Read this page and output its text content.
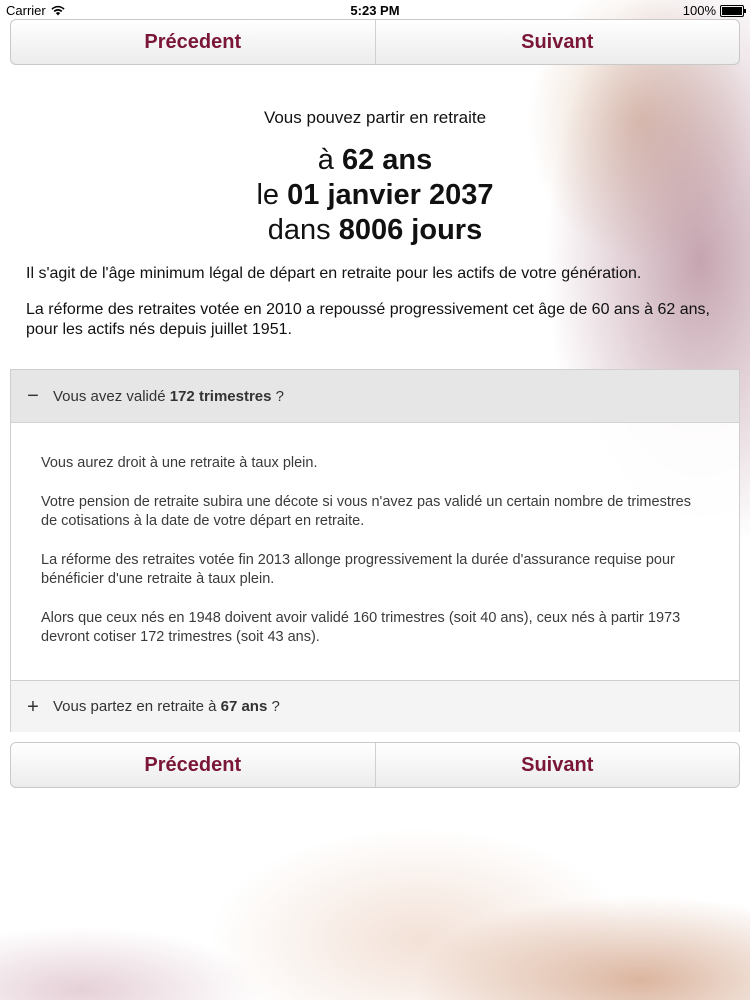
Carrier	5:23 PM	100%
Précedent	Suivant
Vous pouvez partir en retraite
à 62 ans
le 01 janvier 2037
dans 8006 jours
Il s'agit de l'âge minimum légal de départ en retraite pour les actifs de votre génération.
La réforme des retraites votée en 2010 a repoussé progressivement cet âge de 60 ans à 62 ans, pour les actifs nés depuis juillet 1951.
− Vous avez validé 172 trimestres ?

Vous aurez droit à une retraite à taux plein.

Votre pension de retraite subira une décote si vous n'avez pas validé un certain nombre de trimestres de cotisations à la date de votre départ en retraite.

La réforme des retraites votée fin 2013 allonge progressivement la durée d'assurance requise pour bénéficier d'une retraite à taux plein.

Alors que ceux nés en 1948 doivent avoir validé 160 trimestres (soit 40 ans), ceux nés à partir 1973 devront cotiser 172 trimestres (soit 43 ans).

+ Vous partez en retraite à 67 ans ?
Précedent	Suivant
